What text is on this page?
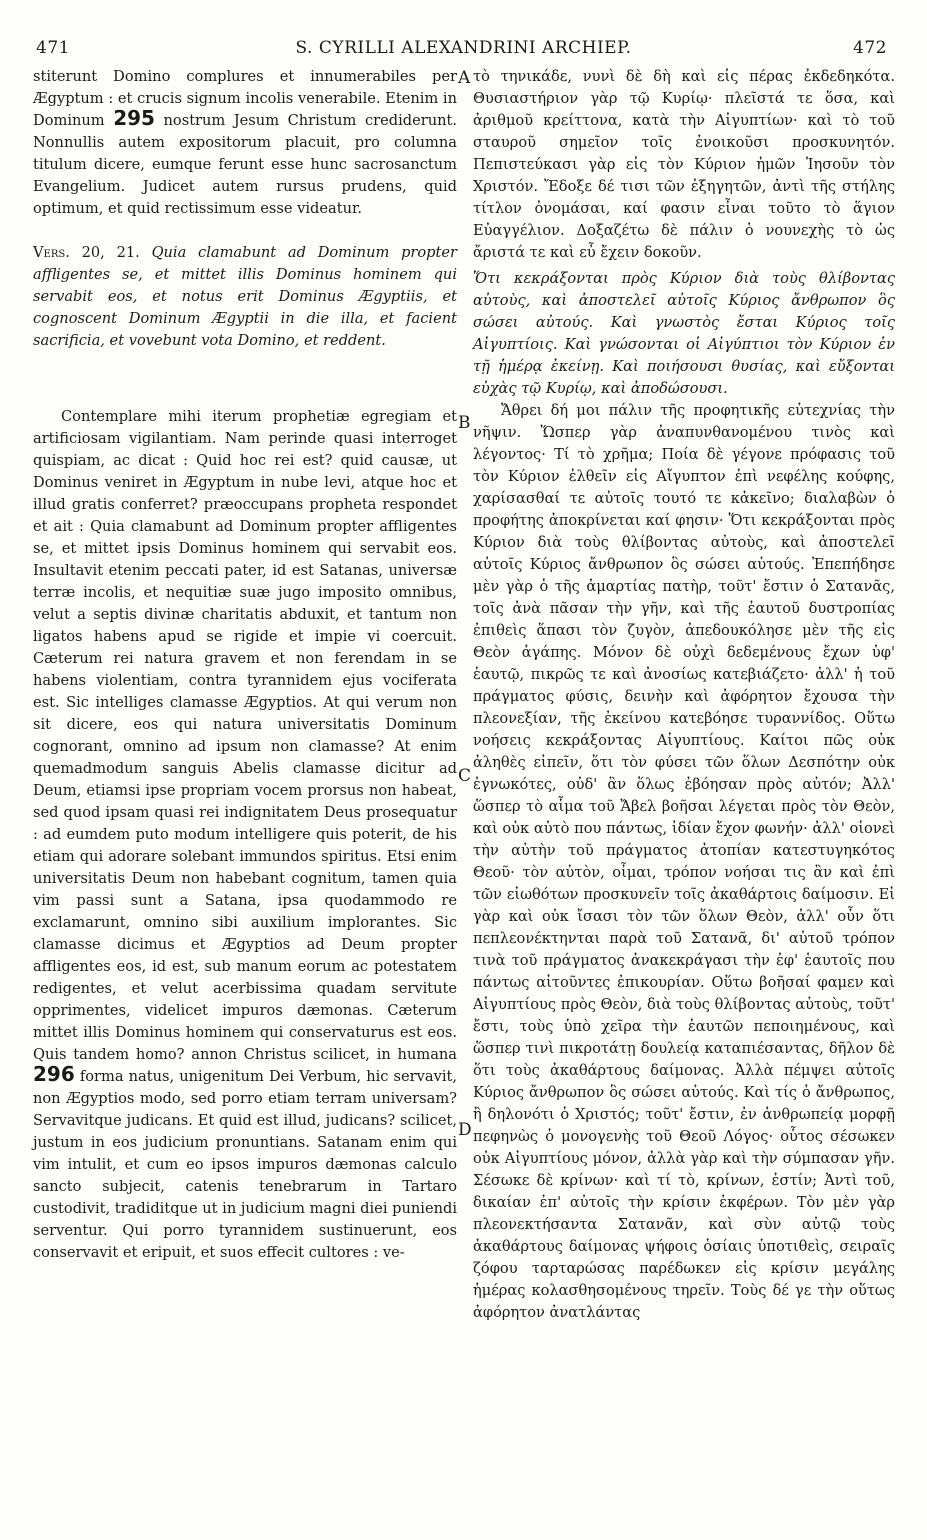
471	S. CYRILLI ALEXANDRINI ARCHIEP.	472
A
B
C
D

stiterunt Domino complures et innumerabiles per Ægyptum : et crucis signum incolis venerabile. Etenim in Dominum 295 nostrum Jesum Christum crediderunt. Nonnullis autem expositorum placuit, pro columna titulum dicere, eumque ferunt esse hunc sacrosanctum Evangelium. Judicet autem rursus prudens, quid optimum, et quid rectissimum esse videatur.

Vers. 20, 21. Quia clamabunt ad Dominum propter affligentes se, et mittet illis Dominus hominem qui servabit eos, et notus erit Dominus Ægyptiis, et cognoscent Dominum Ægyptii in die illa, et facient sacrificia, et vovebunt vota Domino, et reddent.

Contemplare mihi iterum prophetiæ egregiam et artificiosam vigilantiam. Nam perinde quasi interroget quispiam, ac dicat : Quid hoc rei est? quid causæ, ut Dominus veniret in Ægyptum in nube levi, atque hoc et illud gratis conferret? præoccupans propheta respondet et ait : Quia clamabunt ad Dominum propter affligentes se, et mittet ipsis Dominus hominem qui servabit eos. Insultavit etenim peccati pater, id est Satanas, universæ terræ incolis, et nequitiæ suæ jugo imposito omnibus, velut a septis divinæ charitatis abduxit, et tantum non ligatos habens apud se rigide et impie vi coercuit. Cæterum rei natura gravem et non ferendam in se habens violentiam, contra tyrannidem ejus vociferata est. Sic intelliges clamasse Ægyptios. At qui verum non sit dicere, eos qui natura universitatis Dominum cognorant, omnino ad ipsum non clamasse? At enim quemadmodum sanguis Abelis clamasse dicitur ad Deum, etiamsi ipse propriam vocem prorsus non habeat, sed quod ipsam quasi rei indignitatem Deus prosequatur : ad eumdem puto modum intelligere quis poterit, de his etiam qui adorare solebant immundos spiritus. Etsi enim universitatis Deum non habebant cognitum, tamen quia vim passi sunt a Satana, ipsa quodammodo re exclamarunt, omnino sibi auxilium implorantes. Sic clamasse dicimus et Ægyptios ad Deum propter affligentes eos, id est, sub manum eorum ac potestatem redigentes, et velut acerbissima quadam servitute opprimentes, videlicet impuros dæmonas. Cæterum mittet illis Dominus hominem qui conservaturus est eos. Quis tandem homo? annon Christus scilicet, in humana 296 forma natus, unigenitum Dei Verbum, hic servavit, non Ægyptios modo, sed porro etiam terram universam? Servavitque judicans. Et quid est illud, judicans? scilicet, justum in eos judicium pronuntians. Satanam enim qui vim intulit, et cum eo ipsos impuros dæmonas calculo sancto subjecit, catenis tenebrarum in Tartaro custodivit, tradiditque ut in judicium magni diei puniendi serventur. Qui porro tyrannidem sustinuerunt, eos conservavit et eripuit, et suos effecit cultores : ve-

τὸ τηνικάδε, νυνὶ δὲ δὴ καὶ εἰς πέρας ἐκδεδηκότα. Θυσιαστήριον γὰρ τῷ Κυρίῳ· πλεῖστά τε ὅσα, καὶ ἀριθμοῦ κρείττονα, κατὰ τὴν Αἰγυπτίων· καὶ τὸ τοῦ σταυροῦ σημεῖον τοῖς ἐνοικοῦσι προσκυνητόν. Πεπιστεύκασι γὰρ εἰς τὸν Κύριον ἡμῶν Ἰησοῦν τὸν Χριστόν. Ἔδοξε δέ τισι τῶν ἐξηγητῶν, ἀντὶ τῆς στήλης τίτλον ὀνομάσαι, καί φασιν εἶναι τοῦτο τὸ ἅγιον Εὐαγγέλιον. Δοξαζέτω δὲ πάλιν ὁ νουνεχὴς τὸ ὡς ἄριστά τε καὶ εὖ ἔχειν δοκοῦν.

Ὅτι κεκράξονται πρὸς Κύριον διὰ τοὺς θλίβοντας αὐτοὺς, καὶ ἀποστελεῖ αὐτοῖς Κύριος ἄνθρωπον ὃς σώσει αὐτούς. Καὶ γνωστὸς ἔσται Κύριος τοῖς Αἰγυπτίοις. Καὶ γνώσονται οἱ Αἰγύπτιοι τὸν Κύριον ἐν τῇ ἡμέρᾳ ἐκείνῃ. Καὶ ποιήσουσι θυσίας, καὶ εὔξονται εὐχὰς τῷ Κυρίῳ, καὶ ἀποδώσουσι.

Ἄθρει δή μοι πάλιν τῆς προφητικῆς εὐτεχνίας τὴν νῆψιν. Ὥσπερ γὰρ ἀναπυνθανομένου τινὸς καὶ λέγοντος· Τί τὸ χρῆμα; Ποία δὲ γέγονε πρόφασις τοῦ τὸν Κύριον ἐλθεῖν εἰς Αἴγυπτον ἐπὶ νεφέλης κούφης, χαρίσασθαί τε αὐτοῖς τουτό τε κἀκεῖνο; διαλαβὼν ὁ προφήτης ἀποκρίνεται καί φησιν· Ὅτι κεκράξονται πρὸς Κύριον διὰ τοὺς θλίβοντας αὐτοὺς, καὶ ἀποστελεῖ αὐτοῖς Κύριος ἄνθρωπον ὃς σώσει αὐτούς. Ἐπεπήδησε μὲν γὰρ ὁ τῆς ἁμαρτίας πατὴρ, τοῦτ' ἔστιν ὁ Σατανᾶς, τοῖς ἀνὰ πᾶσαν τὴν γῆν, καὶ τῆς ἑαυτοῦ δυστροπίας ἐπιθεὶς ἅπασι τὸν ζυγὸν, ἀπεδουκόλησε μὲν τῆς εἰς Θεὸν ἀγάπης. Μόνον δὲ οὐχὶ δεδεμένους ἔχων ὑφ' ἑαυτῷ, πικρῶς τε καὶ ἀνοσίως κατεβιάζετο· ἀλλ' ἡ τοῦ πράγματος φύσις, δεινὴν καὶ ἀφόρητον ἔχουσα τὴν πλεονεξίαν, τῆς ἐκείνου κατεβόησε τυραννίδος. Οὕτω νοήσεις κεκράξοντας Αἰγυπτίους. Καίτοι πῶς οὐκ ἀληθὲς εἰπεῖν, ὅτι τὸν φύσει τῶν ὅλων Δεσπότην οὐκ ἐγνωκότες, οὐδ' ἂν ὅλως ἐβόησαν πρὸς αὐτόν; Ἀλλ' ὥσπερ τὸ αἷμα τοῦ Ἄβελ βοῆσαι λέγεται πρὸς τὸν Θεὸν, καὶ οὐκ αὐτὸ που πάντως, ἰδίαν ἔχον φωνήν· ἀλλ' οἱονεὶ τὴν αὐτὴν τοῦ πράγματος ἀτοπίαν κατεστυγηκότος Θεοῦ· τὸν αὐτὸν, οἶμαι, τρόπον νοήσαι τις ἂν καὶ ἐπὶ τῶν εἰωθότων προσκυνεῖν τοῖς ἀκαθάρτοις δαίμοσιν. Εἰ γὰρ καὶ οὐκ ἴσασι τὸν τῶν ὅλων Θεὸν, ἀλλ' οὖν ὅτι πεπλεονέκτηνται παρὰ τοῦ Σατανᾶ, δι' αὐτοῦ τρόπον τινὰ τοῦ πράγματος ἀνακεκράγασι τὴν ἐφ' ἑαυτοῖς που πάντως αἰτοῦντες ἐπικουρίαν. Οὕτω βοῆσαί φαμεν καὶ Αἰγυπτίους πρὸς Θεὸν, διὰ τοὺς θλίβοντας αὐτοὺς, τοῦτ' ἔστι, τοὺς ὑπὸ χεῖρα τὴν ἑαυτῶν πεποιημένους, καὶ ὥσπερ τινὶ πικροτάτῃ δουλείᾳ καταπιέσαντας, δῆλον δὲ ὅτι τοὺς ἀκαθάρτους δαίμονας. Ἀλλὰ πέμψει αὐτοῖς Κύριος ἄνθρωπον ὃς σώσει αὐτούς. Καὶ τίς ὁ ἄνθρωπος, ἢ δηλονότι ὁ Χριστός; τοῦτ' ἔστιν, ἐν ἀνθρωπείᾳ μορφῇ πεφηνὼς ὁ μονογενὴς τοῦ Θεοῦ Λόγος· οὗτος σέσωκεν οὐκ Αἰγυπτίους μόνον, ἀλλὰ γὰρ καὶ τὴν σύμπασαν γῆν. Σέσωκε δὲ κρίνων· καὶ τί τὸ, κρίνων, ἐστίν; Ἀντὶ τοῦ, δικαίαν ἐπ' αὐτοῖς τὴν κρίσιν ἐκφέρων. Τὸν μὲν γὰρ πλεονεκτήσαντα Σατανᾶν, καὶ σὺν αὐτῷ τοὺς ἀκαθάρτους δαίμονας ψήφοις ὁσίαις ὑποτιθεὶς, σειραῖς ζόφου ταρταρώσας παρέδωκεν εἰς κρίσιν μεγάλης ἡμέρας κολασθησομένους τηρεῖν. Τοὺς δέ γε τὴν οὕτως ἀφόρητον ἀνατλάντας
